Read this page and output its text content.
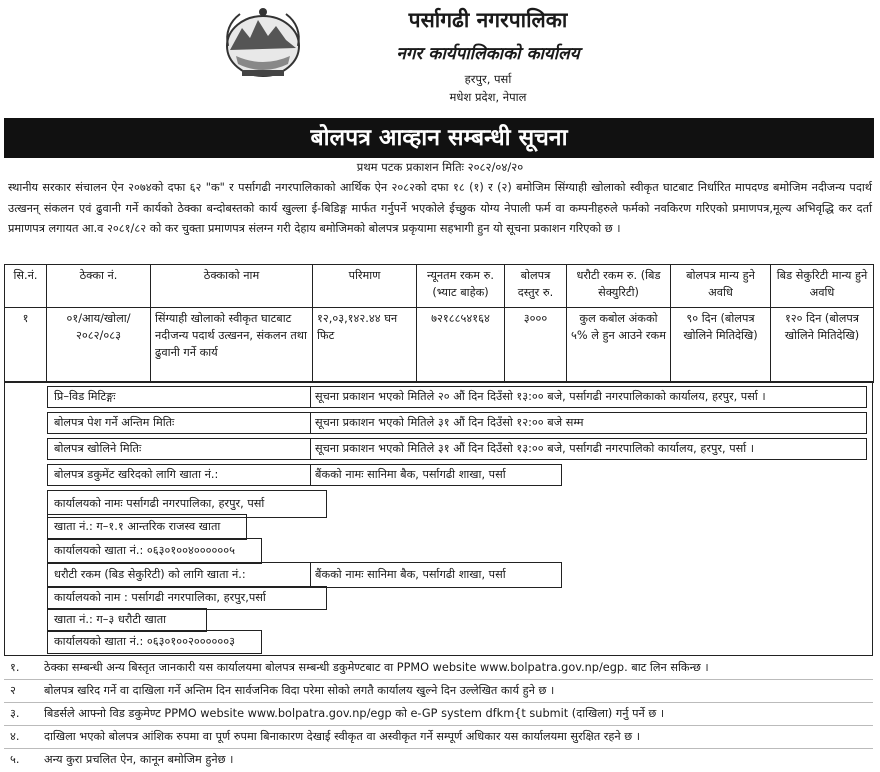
पर्सागढी नगरपालिका
नगर कार्यपालिकाको कार्यालय
हरपुर, पर्सा
मधेश प्रदेश, नेपाल
बोलपत्र आव्हान सम्बन्धी सूचना
प्रथम पटक प्रकाशन मितिः २०८२/०४/२०
स्थानीय सरकार संचालन ऐन २०७४को दफा ६२ "क" र पर्सागढी नगरपालिकाको आर्थिक ऐन २०८२को दफा १८ (१) र (२) बमोजिम सिंग्याही खोलाको स्वीकृत घाटबाट निर्धारित मापदण्ड बमोजिम नदीजन्य पदार्थ उत्खनन् संकलन एवं ढुवानी गर्ने कार्यको ठेक्का बन्दोबस्तको कार्य खुल्ला ई-बिडिङ्ग मार्फत गर्नुपर्ने भएकोले ईच्छुक योग्य नेपाली फर्म वा कम्पनीहरुले फर्मको नवकिरण गरिएको प्रमाणपत्र,मूल्य अभिवृद्धि कर दर्ता प्रमाणपत्र लगायत आ.व २०८१/८२ को कर चुक्ता प्रमाणपत्र संलग्न गरी देहाय बमोजिमको बोलपत्र प्रकृयामा सहभागी हुन यो सूचना प्रकाशन गरिएको छ ।
सि.नं.	ठेक्का नं.	ठेक्काको नाम	परिमाण	न्यूनतम रकम रु. (भ्याट बाहेक)	बोलपत्र दस्तुर रु.	धरौटी रकम रु. (बिड सेक्युरिटी)	बोलपत्र मान्य हुने अवधि	बिड सेकुरिटी मान्य हुने अवधि
१	०१/आय/खोला/ २०८२/०८३	सिंग्याही खोलाको स्वीकृत घाटबाट नदीजन्य पदार्थ उत्खनन, संकलन तथा ढुवानी गर्ने कार्य	१२,०३,१४२.४४ घन फिट	७२१८८५४१६४	३०००	कुल कबोल अंकको ५% ले हुन आउने रकम	९० दिन (बोलपत्र खोलिने मितिदेखि)	१२० दिन (बोलपत्र खोलिने मितिदेखि)
प्रि–विड मिटिङ्गः	सूचना प्रकाशन भएको मितिले २० औं दिन दिउँसो १३:०० बजे, पर्सागढी नगरपालिकाको कार्यालय, हरपुर, पर्सा ।
बोलपत्र पेश गर्ने अन्तिम मितिः	सूचना प्रकाशन भएको मितिले ३१ औं दिन दिउँसो १२:०० बजे सम्म
बोलपत्र खोलिने मितिः	सूचना प्रकाशन भएको मितिले ३१ औं दिन दिउँसो १३:०० बजे, पर्सागढी नगरपालिको कार्यालय, हरपुर, पर्सा ।
बोलपत्र डकुमेंट खरिदको लागि खाता नं.:	बैंकको नामः सानिमा बैक, पर्सागढी शाखा, पर्सा
कार्यालयको नामः पर्सागढी नगरपालिका, हरपुर, पर्सा
खाता नं.: ग–१.१ आन्तरिक राजस्व खाता
कार्यालयको खाता नं.: ०६३०१००४००००००५
धरौटी रकम (बिड सेकुरिटी) को लागि खाता नं.:	बैंकको नामः सानिमा बैक, पर्सागढी शाखा, पर्सा
कार्यालयको नाम : पर्सागढी नगरपालिका, हरपुर,पर्सा
खाता नं.: ग–३ धरौटी खाता
कार्यालयको खाता नं.: ०६३०१००२००००००३
१. ठेक्का सम्बन्धी अन्य बिस्तृत जानकारी यस कार्यालयमा बोलपत्र सम्बन्धी डकुमेण्टबाट वा PPMO website www.bolpatra.gov.np/egp. बाट लिन सकिन्छ ।
२ बोलपत्र खरिद गर्ने वा दाखिला गर्ने अन्तिम दिन सार्वजनिक विदा परेमा सोको लगतै कार्यालय खुल्ने दिन उल्लेखित कार्य हुने छ ।
३. बिडर्सले आफ्नो विड डकुमेण्ट PPMO website www.bolpatra.gov.np/egp को e-GP system dfkm{t submit (दाखिला) गर्नु पर्ने छ ।
४. दाखिला भएको बोलपत्र आंशिक रुपमा वा पूर्ण रुपमा बिनाकारण देखाई स्वीकृत वा अस्वीकृत गर्ने सम्पूर्ण अधिकार यस कार्यालयमा सुरक्षित रहने छ ।
५. अन्य कुरा प्रचलित ऐन, कानून बमोजिम हुनेछ ।
